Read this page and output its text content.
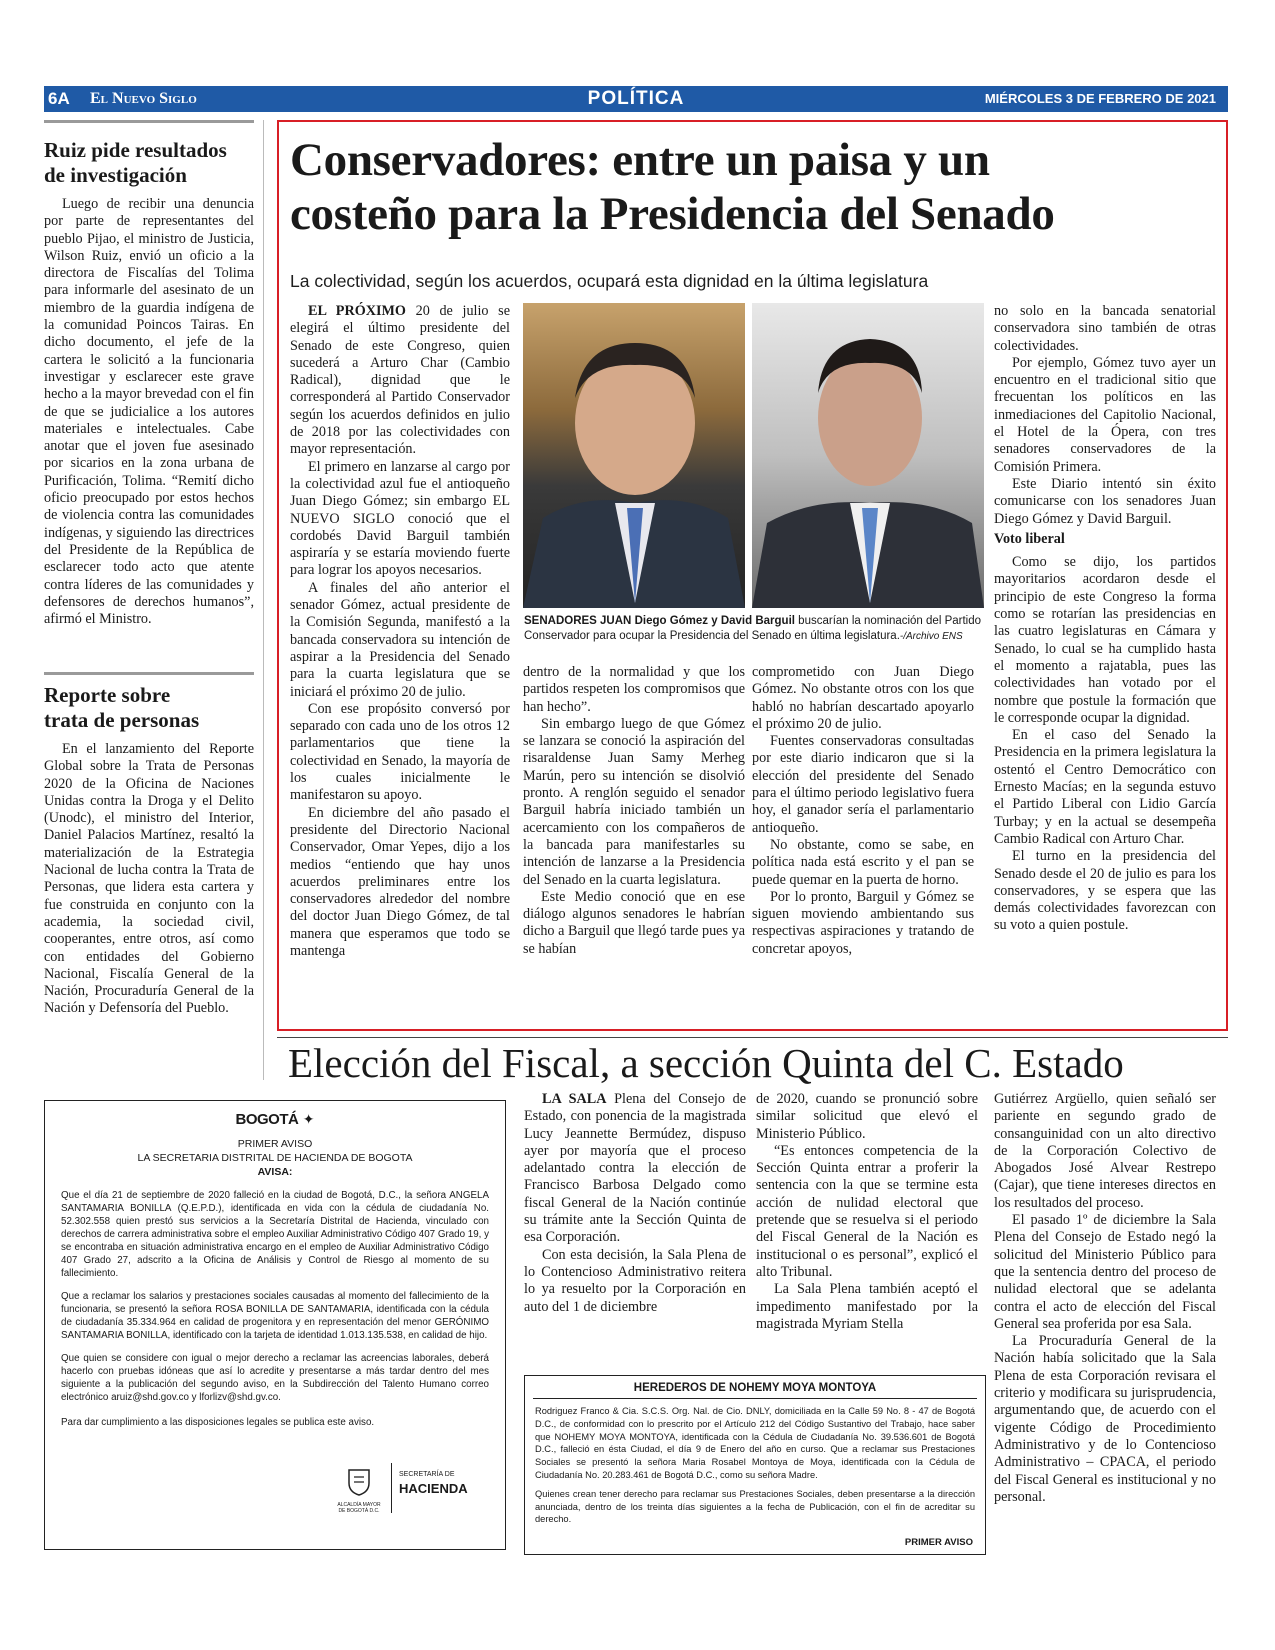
6A El Nuevo Siglo	POLÍTICA	MIÉRCOLES 3 DE FEBRERO DE 2021
Ruiz pide resultados
de investigación

Luego de recibir una denuncia por parte de representantes del pueblo Pijao, el ministro de Justicia, Wilson Ruiz, envió un oficio a la directora de Fiscalías del Tolima para informarle del asesinato de un miembro de la guardia indígena de la comunidad Poincos Tairas. En dicho documento, el jefe de la cartera le solicitó a la funcionaria investigar y esclarecer este grave hecho a la mayor brevedad con el fin de que se judicialice a los autores materiales e intelectuales. Cabe anotar que el joven fue asesinado por sicarios en la zona urbana de Purificación, Tolima. “Remití dicho oficio preocupado por estos hechos de violencia contra las comunidades indígenas, y siguiendo las directrices del Presidente de la República de esclarecer todo acto que atente contra líderes de las comunidades y defensores de derechos humanos”, afirmó el Ministro.

Reporte sobre
trata de personas

En el lanzamiento del Reporte Global sobre la Trata de Personas 2020 de la Oficina de Naciones Unidas contra la Droga y el Delito (Unodc), el ministro del Interior, Daniel Palacios Martínez, resaltó la materialización de la Estrategia Nacional de lucha contra la Trata de Personas, que lidera esta cartera y fue construida en conjunto con la academia, la sociedad civil, cooperantes, entre otros, así como con entidades del Gobierno Nacional, Fiscalía General de la Nación, Procuraduría General de la Nación y Defensoría del Pueblo.

Conservadores: entre un paisa y un
costeño para la Presidencia del Senado
La colectividad, según los acuerdos, ocupará esta dignidad en la última legislatura

EL PRÓXIMO 20 de julio se elegirá el último presidente del Senado de este Congreso, quien sucederá a Arturo Char (Cambio Radical), dignidad que le corresponderá al Partido Conservador según los acuerdos definidos en julio de 2018 por las colectividades con mayor representación.

El primero en lanzarse al cargo por la colectividad azul fue el antioqueño Juan Diego Gómez; sin embargo EL NUEVO SIGLO conoció que el cordobés David Barguil también aspiraría y se estaría moviendo fuerte para lograr los apoyos necesarios.

A finales del año anterior el senador Gómez, actual presidente de la Comisión Segunda, manifestó a la bancada conservadora su intención de aspirar a la Presidencia del Senado para la cuarta legislatura que se iniciará el próximo 20 de julio.

Con ese propósito conversó por separado con cada uno de los otros 12 parlamentarios que tiene la colectividad en Senado, la mayoría de los cuales inicialmente le manifestaron su apoyo.

En diciembre del año pasado el presidente del Directorio Nacional Conservador, Omar Yepes, dijo a los medios “entiendo que hay unos acuerdos preliminares entre los conservadores alrededor del nombre del doctor Juan Diego Gómez, de tal manera que esperamos que todo se mantenga

SENADORES JUAN Diego Gómez y David Barguil buscarían la nominación del Partido Conservador para ocupar la Presidencia del Senado en última legislatura.-/Archivo ENS

dentro de la normalidad y que los partidos respeten los compromisos que han hecho”.

Sin embargo luego de que Gómez se lanzara se conoció la aspiración del risaraldense Juan Samy Merheg Marún, pero su intención se disolvió pronto. A renglón seguido el senador Barguil habría iniciado también un acercamiento con los compañeros de la bancada para manifestarles su intención de lanzarse a la Presidencia del Senado en la cuarta legislatura.

Este Medio conoció que en ese diálogo algunos senadores le habrían dicho a Barguil que llegó tarde pues ya se habían

comprometido con Juan Diego Gómez. No obstante otros con los que habló no habrían descartado apoyarlo el próximo 20 de julio.

Fuentes conservadoras consultadas por este diario indicaron que si la elección del presidente del Senado para el último periodo legislativo fuera hoy, el ganador sería el parlamentario antioqueño.

No obstante, como se sabe, en política nada está escrito y el pan se puede quemar en la puerta de horno.

Por lo pronto, Barguil y Gómez se siguen moviendo ambientando sus respectivas aspiraciones y tratando de concretar apoyos,

no solo en la bancada senatorial conservadora sino también de otras colectividades.

Por ejemplo, Gómez tuvo ayer un encuentro en el tradicional sitio que frecuentan los políticos en las inmediaciones del Capitolio Nacional, el Hotel de la Ópera, con tres senadores conservadores de la Comisión Primera.

Este Diario intentó sin éxito comunicarse con los senadores Juan Diego Gómez y David Barguil.

Voto liberal

Como se dijo, los partidos mayoritarios acordaron desde el principio de este Congreso la forma como se rotarían las presidencias en las cuatro legislaturas en Cámara y Senado, lo cual se ha cumplido hasta el momento a rajatabla, pues las colectividades han votado por el nombre que postule la formación que le corresponde ocupar la dignidad.

En el caso del Senado la Presidencia en la primera legislatura la ostentó el Centro Democrático con Ernesto Macías; en la segunda estuvo el Partido Liberal con Lidio García Turbay; y en la actual se desempeña Cambio Radical con Arturo Char.

El turno en la presidencia del Senado desde el 20 de julio es para los conservadores, y se espera que las demás colectividades favorezcan con su voto a quien postule.

Elección del Fiscal, a sección Quinta del C. Estado

LA SALA Plena del Consejo de Estado, con ponencia de la magistrada Lucy Jeannette Bermúdez, dispuso ayer por mayoría que el proceso adelantado contra la elección de Francisco Barbosa Delgado como fiscal General de la Nación continúe su trámite ante la Sección Quinta de esa Corporación.

Con esta decisión, la Sala Plena de lo Contencioso Administrativo reitera lo ya resuelto por la Corporación en auto del 1 de diciembre

de 2020, cuando se pronunció sobre similar solicitud que elevó el Ministerio Público.

“Es entonces competencia de la Sección Quinta entrar a proferir la sentencia con la que se termine esta acción de nulidad electoral que pretende que se resuelva si el periodo del Fiscal General de la Nación es institucional o es personal”, explicó el alto Tribunal.

La Sala Plena también aceptó el impedimento manifestado por la magistrada Myriam Stella

Gutiérrez Argüello, quien señaló ser pariente en segundo grado de consanguinidad con un alto directivo de la Corporación Colectivo de Abogados José Alvear Restrepo (Cajar), que tiene intereses directos en los resultados del proceso.

El pasado 1º de diciembre la Sala Plena del Consejo de Estado negó la solicitud del Ministerio Público para que la sentencia dentro del proceso de nulidad electoral que se adelanta contra el acto de elección del Fiscal General sea proferida por esa Sala.

La Procuraduría General de la Nación había solicitado que la Sala Plena de esta Corporación revisara el criterio y modificara su jurisprudencia, argumentando que, de acuerdo con el vigente Código de Procedimiento Administrativo y de lo Contencioso Administrativo – CPACA, el periodo del Fiscal General es institucional y no personal.

BOGOTÁ ✦
PRIMER AVISO
LA SECRETARIA DISTRITAL DE HACIENDA DE BOGOTA
AVISA:
Que el día 21 de septiembre de 2020 falleció en la ciudad de Bogotá, D.C., la señora ANGELA SANTAMARIA BONILLA (Q.E.P.D.), identificada en vida con la cédula de ciudadanía No. 52.302.558 quien prestó sus servicios a la Secretaría Distrital de Hacienda, vinculado con derechos de carrera administrativa sobre el empleo Auxiliar Administrativo Código 407 Grado 19, y se encontraba en situación administrativa encargo en el empleo de Auxiliar Administrativo Código 407 Grado 27, adscrito a la Oficina de Análisis y Control de Riesgo al momento de su fallecimiento.
Que a reclamar los salarios y prestaciones sociales causadas al momento del fallecimiento de la funcionaria, se presentó la señora ROSA BONILLA DE SANTAMARIA, identificada con la cédula de ciudadanía 35.334.964 en calidad de progenitora y en representación del menor GERÓNIMO SANTAMARIA BONILLA, identificado con la tarjeta de identidad 1.013.135.538, en calidad de hijo.
Que quien se considere con igual o mejor derecho a reclamar las acreencias laborales, deberá hacerlo con pruebas idóneas que así lo acredite y presentarse a más tardar dentro del mes siguiente a la publicación del segundo aviso, en la Subdirección del Talento Humano correo electrónico aruiz@shd.gov.co y lforlizv@shd.gv.co.
Para dar cumplimiento a las disposiciones legales se publica este aviso.
ALCALDÍA MAYOR DE BOGOTÁ D.C.
SECRETARÍA DE
HACIENDA
HEREDEROS DE NOHEMY MOYA MONTOYA
Rodriguez Franco & Cia. S.C.S. Org. Nal. de Cio. DNLY, domiciliada en la Calle 59 No. 8 - 47 de Bogotá D.C., de conformidad con lo prescrito por el Artículo 212 del Código Sustantivo del Trabajo, hace saber que NOHEMY MOYA MONTOYA, identificada con la Cédula de Ciudadanía No. 39.536.601 de Bogotá D.C., falleció en ésta Ciudad, el día 9 de Enero del año en curso. Que a reclamar sus Prestaciones Sociales se presentó la señora Maria Rosabel Montoya de Moya, identificada con la Cédula de Ciudadanía No. 20.283.461 de Bogotá D.C., como su señora Madre.
Quienes crean tener derecho para reclamar sus Prestaciones Sociales, deben presentarse a la dirección anunciada, dentro de los treinta días siguientes a la fecha de Publicación, con el fin de acreditar su derecho.
PRIMER AVISO
